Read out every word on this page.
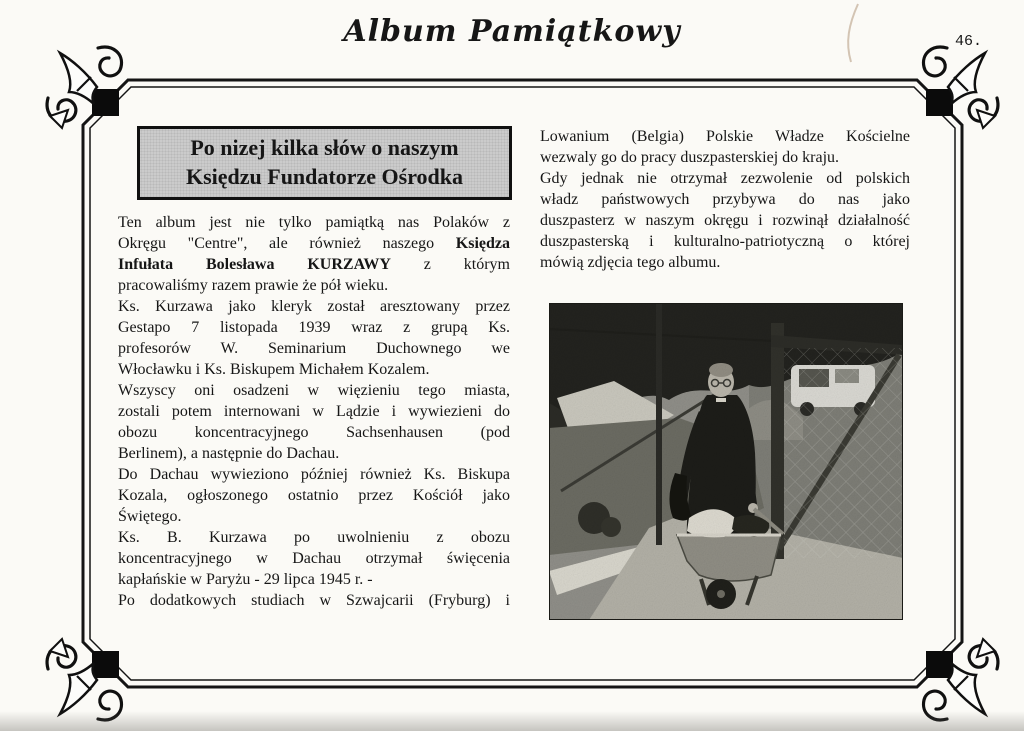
Album Pamiątkowy	46.
Po nizej kilka słów o naszym
Księdzu Fundatorze Ośrodka
Ten album jest nie tylko pamiątką nas Polaków z
Okręgu "Centre", ale również naszego Księdza
Infułata Bolesława KURZAWY z którym
pracowaliśmy razem prawie że pół wieku.
Ks. Kurzawa jako kleryk został aresztowany przez
Gestapo 7 listopada 1939 wraz z grupą Ks.
profesorów W. Seminarium Duchownego we
Włocławku i Ks. Biskupem Michałem Kozalem.
Wszyscy oni osadzeni w więzieniu tego miasta,
zostali potem internowani w Lądzie i wywiezieni do
obozu koncentracyjnego Sachsenhausen (pod
Berlinem), a następnie do Dachau.
Do Dachau wywieziono później również Ks. Biskupa
Kozala, ogłoszonego ostatnio przez Kościół jako
Świętego.
Ks. B. Kurzawa po uwolnieniu z obozu
koncentracyjnego w Dachau otrzymał święcenia
kapłańskie w Paryżu - 29 lipca 1945 r. -
Po dodatkowych studiach w Szwajcarii (Fryburg) i
Lowanium (Belgia) Polskie Władze Kościelne
wezwaly go do pracy duszpasterskiej do kraju.
Gdy jednak nie otrzymał zezwolenie od polskich
władz państwowych przybywa do nas jako
duszpasterz w naszym okręgu i rozwinął działalność
duszpasterską i kulturalno-patriotyczną o której
mówią zdjęcia tego albumu.
